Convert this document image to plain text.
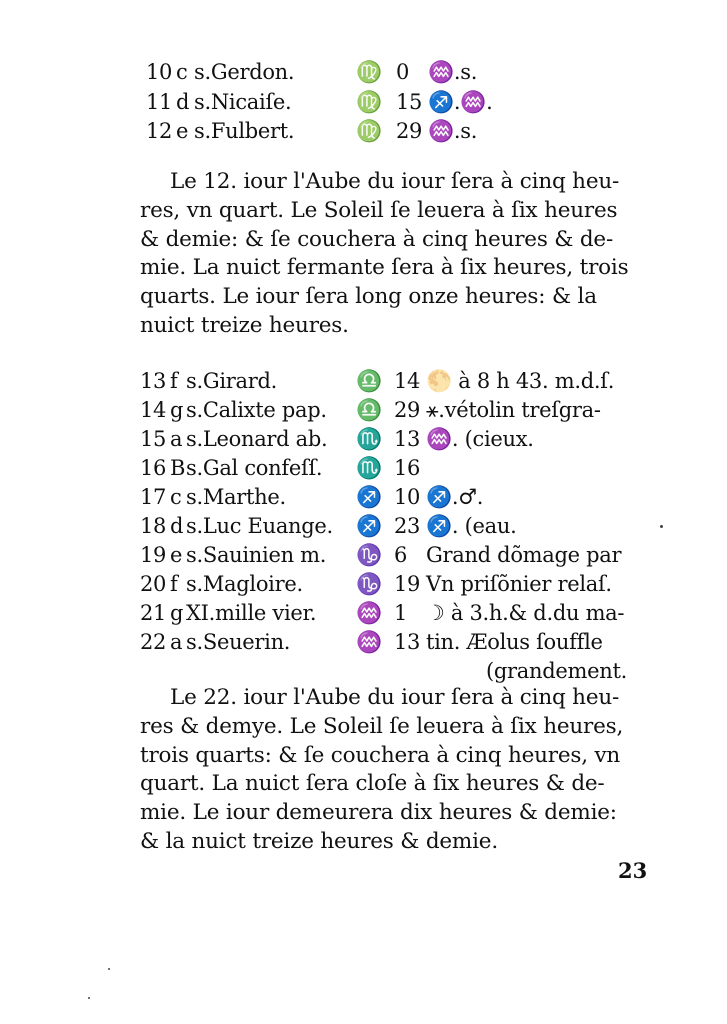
10 c s.Gerdon.	♍ 0 ♒.s.
11 d s.Nicaiſe.	♍ 15 ♐.♒.
12 e s.Fulbert.	♍ 29 ♒.s.
Le 12. iour l'Aube du iour ſera à cinq heu-
res, vn quart. Le Soleil ſe leuera à ſix heures
& demie: & ſe couchera à cinq heures & de-
mie. La nuict fermante ſera à ſix heures, trois
quarts. Le iour ſera long onze heures: & la
nuict treize heures.
13 f s.Girard.	♎ 14 🌕 à 8 h 43. m.d.ſ.
14 g s.Calixte pap. ♎ 29 ⚹.vétolin treſgra-
15 a s.Leonard ab. ♏ 13 ♒. (cieux.
16 B s.Gal confeſſ. ♏ 16
17 c s.Marthe.	♐ 10 ♐.♂.
18 d s.Luc Euange. ♐ 23 ♐. (eau.
19 e s.Sauinien m. ♑ 6 Grand dõmage par
20 f s.Magloire.	♑ 19 Vn priſõnier relaſ.
21 g XI.mille vier. ♒ 1 ☽ à 3.h.& d.du ma-
22 a s.Seuerin.	♒ 13 tin. Æolus ſouffle
(grandement.
Le 22. iour l'Aube du iour ſera à cinq heu-
res & demye. Le Soleil ſe leuera à ſix heures,
trois quarts: & ſe couchera à cinq heures, vn
quart. La nuict ſera cloſe à ſix heures & de-
mie. Le iour demeurera dix heures & demie:
& la nuict treize heures & demie.
23
